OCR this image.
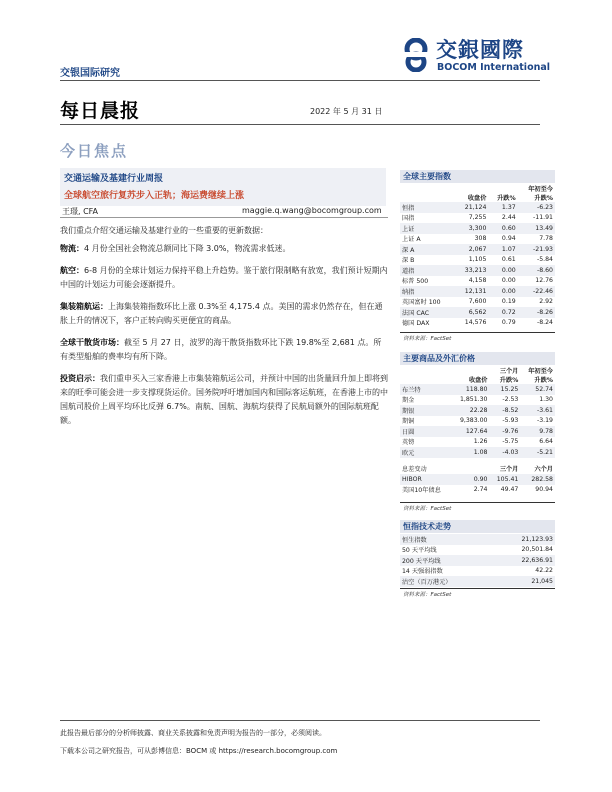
交銀國際
BOCOM International
交银国际研究
每日晨报	2022 年 5 月 31 日
今日焦点
交通运输及基建行业周报
全球航空旅行复苏步入正轨；海运费继续上涨
王璟, CFA	maggie.q.wang@bocomgroup.com

我们重点介绍交通运输及基建行业的一些重要的更新数据：

物流：4 月份全国社会物流总额同比下降 3.0%，物流需求低迷。

航空：6-8 月份的全球计划运力保持平稳上升趋势。鉴于旅行限制略有放宽，我们预计短期内中国的计划运力可能会逐渐提升。

集装箱航运：上海集装箱指数环比上涨 0.3%至 4,175.4 点。美国的需求仍然存在，但在通胀上升的情况下，客户正转向购买更便宜的商品。

全球干散货市场：截至 5 月 27 日，波罗的海干散货指数环比下跌 19.8%至 2,681 点。所有类型船舶的费率均有所下降。

投资启示：我们重申买入三家香港上市集装箱航运公司，并预计中国的出货量回升加上即将到来的旺季可能会进一步支撑现货运价。国务院呼吁增加国内和国际客运航班，在香港上市的中国航司股价上周平均环比反弹 6.7%。南航、国航、海航均获得了民航局额外的国际航班配额。

全球主要指数
	收盘价	升跌%	年初至今
升跌%
恒指	21,124	1.37	-6.23
国指	7,255	2.44	-11.91
上证	3,300	0.60	13.49
上证 A	308	0.94	7.78
深 A	2,067	1.07	-21.93
深 B	1,105	0.61	-5.84
道指	33,213	0.00	-8.60
标普 500	4,158	0.00	12.76
纳指	12,131	0.00	-22.46
英国富时 100	7,600	0.19	2.92
法国 CAC	6,562	0.72	-8.26
德国 DAX	14,576	0.79	-8.24
资料来源：FactSet
主要商品及外汇价格
	收盘价	三个月
升跌%	年初至今
升跌%
布兰特	118.80	15.25	52.74
期金	1,851.30	-2.53	1.30
期银	22.28	-8.52	-3.61
期铜	9,383.00	-5.93	-3.19
日圆	127.64	-9.76	9.78
英镑	1.26	-5.75	6.64
欧元	1.08	-4.03	-5.21

息差变动		三个月	六个月
HIBOR	0.90	105.41	282.58
美国10年债息	2.74	49.47	90.94
资料来源：FactSet
恒指技术走势
恒生指数	21,123.93
50 天平均线	20,501.84
200 天平均线	22,636.91
14 天强弱指数	42.22
沽空（百万港元）	21,045
资料来源：FactSet
此报告最后部分的分析师披露、商业关系披露和免责声明为报告的一部分，必须阅读。
下载本公司之研究报告，可从彭博信息：BOCM 或 https://research.bocomgroup.com
